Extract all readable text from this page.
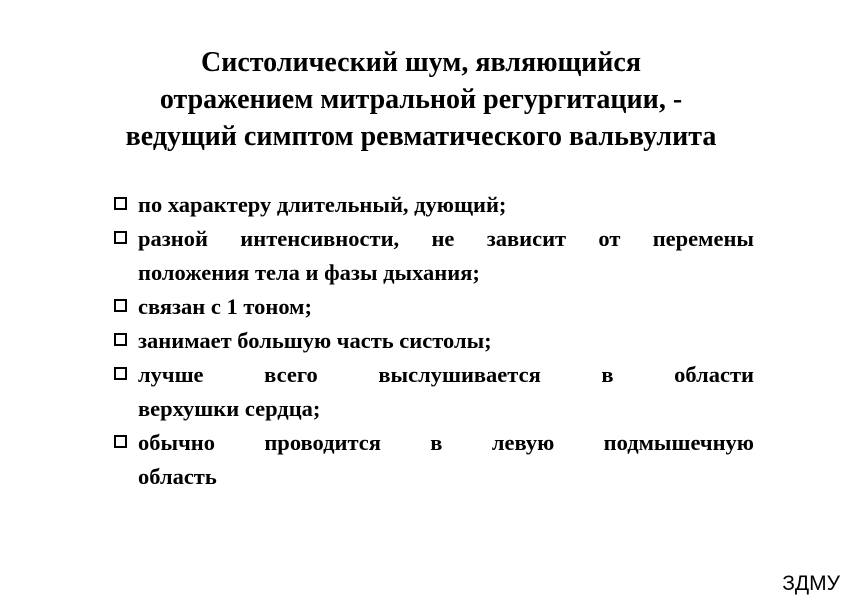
Систолический шум, являющийся
отражением митральной регургитации, -
ведущий симптом ревматического вальвулита
по характеру длительный, дующий;
разной интенсивности, не зависит от перемены
положения тела и фазы дыхания;
связан с 1 тоном;
занимает большую часть систолы;
лучше всего выслушивается в области
верхушки сердца;
обычно проводится в левую подмышечную
область
ЗДМУ
